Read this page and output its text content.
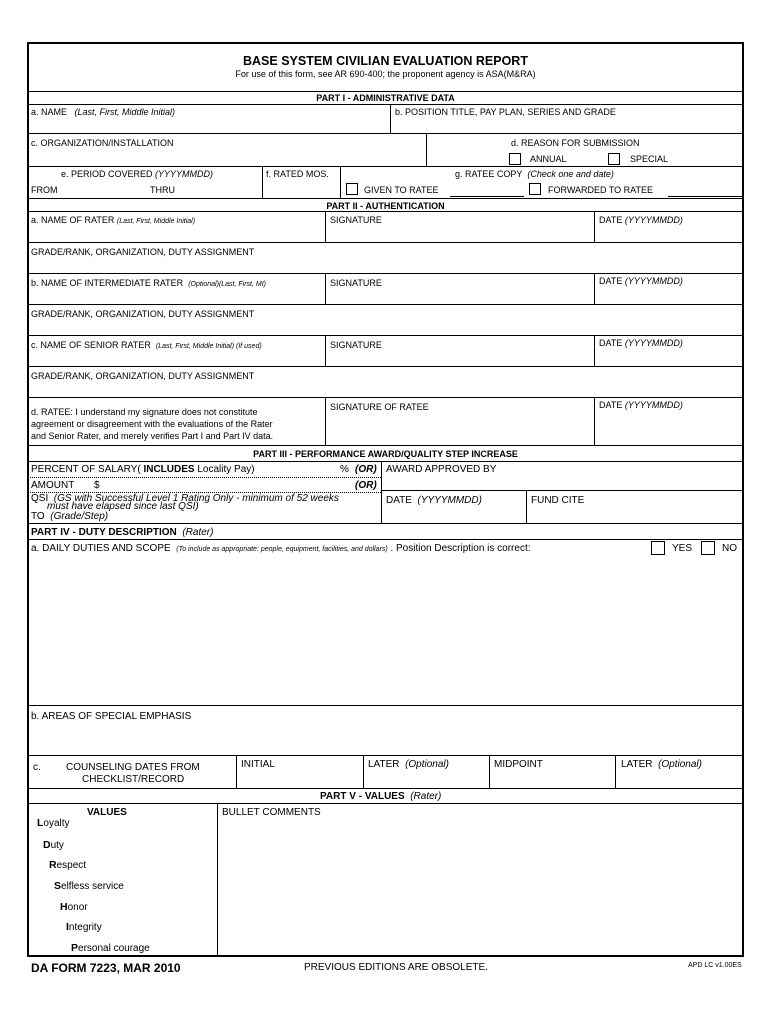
BASE SYSTEM CIVILIAN EVALUATION REPORT
For use of this form, see AR 690-400; the proponent agency is ASA(M&RA)
PART I - ADMINISTRATIVE DATA
a. NAME (Last, First, Middle Initial)	b. POSITION TITLE, PAY PLAN, SERIES AND GRADE
c. ORGANIZATION/INSTALLATION	d. REASON FOR SUBMISSION
ANNUAL	SPECIAL
e. PERIOD COVERED (YYYYMMDD)	f. RATED MOS.	g. RATEE COPY (Check one and date)
FROM	THRU	GIVEN TO RATEE	FORWARDED TO RATEE
PART II - AUTHENTICATION
a. NAME OF RATER (Last, First, Middle Initial)	SIGNATURE	DATE (YYYYMMDD)
GRADE/RANK, ORGANIZATION, DUTY ASSIGNMENT
b. NAME OF INTERMEDIATE RATER (Optional)(Last, First, MI)	SIGNATURE	DATE (YYYYMMDD)
GRADE/RANK, ORGANIZATION, DUTY ASSIGNMENT
c. NAME OF SENIOR RATER (Last, First, Middle Initial) (If used)	SIGNATURE	DATE (YYYYMMDD)
GRADE/RANK, ORGANIZATION, DUTY ASSIGNMENT
d. RATEE: I understand my signature does not constitute
agreement or disagreement with the evaluations of the Rater
and Senior Rater, and merely verifies Part I and Part IV data.
SIGNATURE OF RATEE	DATE (YYYYMMDD)
PART III - PERFORMANCE AWARD/QUALITY STEP INCREASE
PERCENT OF SALARY( INCLUDES Locality Pay)	% (OR) AWARD APPROVED BY
AMOUNT $	(OR)
QSI (GS with Successful Level 1 Rating Only - minimum of 52 weeks
must have elapsed since last QSI)
TO (Grade/Step)
DATE (YYYYMMDD)	FUND CITE
PART IV - DUTY DESCRIPTION (Rater)
a. DAILY DUTIES AND SCOPE (To include as appropriate: people, equipment, facilities, and dollars) . Position Description is correct:	YES	NO
b. AREAS OF SPECIAL EMPHASIS
c.	COUNSELING DATES FROM
CHECKLIST/RECORD
INITIAL	LATER (Optional)	MIDPOINT	LATER (Optional)
PART V - VALUES (Rater)
VALUES	BULLET COMMENTS
Loyalty
Duty
Respect
Selfless service
Honor
Integrity
Personal courage
DA FORM 7223, MAR 2010	PREVIOUS EDITIONS ARE OBSOLETE.	APD LC v1.00ES
